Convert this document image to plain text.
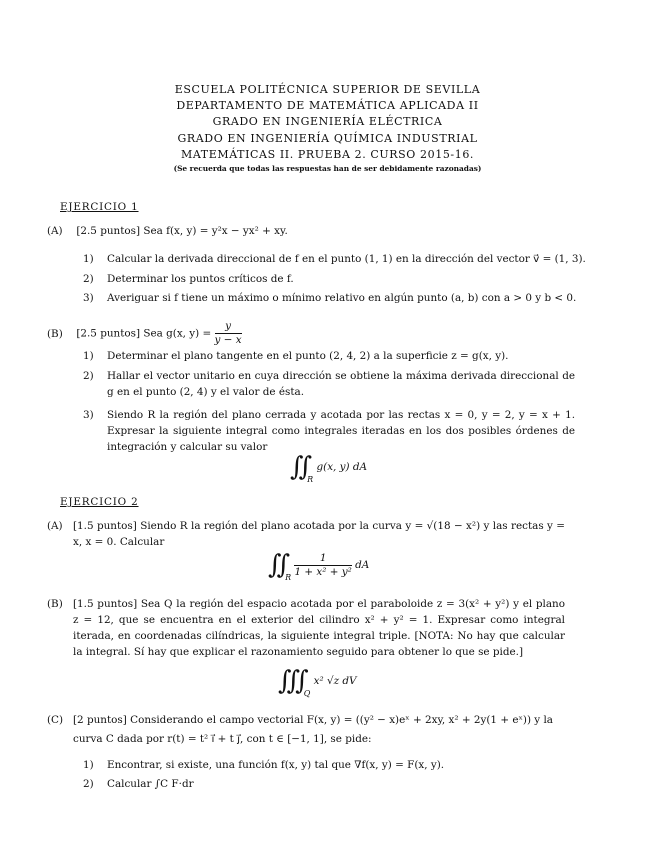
ESCUELA POLITÉCNICA SUPERIOR DE SEVILLA
DEPARTAMENTO DE MATEMÁTICA APLICADA II
GRADO EN INGENIERÍA ELÉCTRICA
GRADO EN INGENIERÍA QUÍMICA INDUSTRIAL
MATEMÁTICAS II. PRUEBA 2. CURSO 2015-16.
(Se recuerda que todas las respuestas han de ser debidamente razonadas)
EJERCICIO 1
(A) [2.5 puntos] Sea f(x, y) = y²x − yx² + xy.
1) Calcular la derivada direccional de f en el punto (1, 1) en la dirección del vector v⃗ = (1, 3).
2) Determinar los puntos críticos de f.
3) Averiguar si f tiene un máximo o mínimo relativo en algún punto (a, b) con a > 0 y b < 0.
(B) [2.5 puntos] Sea g(x, $y) = \frac{y}{y - x}$
1) Determinar el plano tangente en el punto (2, 4, 2) a la superficie z = g(x, y).
2) Hallar el vector unitario en cuya dirección se obtiene la máxima derivada direccional de g en el punto (2, 4) y el valor de ésta.
3) Siendo R la región del plano cerrada y acotada por las rectas x = 0, y = 2, y = x + 1. Expresar la siguiente integral como integrales iteradas en los dos posibles órdenes de integración y calcular su valor
∬ $_R$ g(x, y) dA
EJERCICIO 2
(A) [1.5 puntos] Siendo R la región del plano acotada por la curva y = √(18 − x²) y las rectas y = x, x = 0. Calcular
∬ $_R \frac{1}{\text{1 + x² + y²}}$ dA
(B) [1.5 puntos] Sea Q la región del espacio acotada por el paraboloide z = 3(x² + y²) y el plano z = 12, que se encuentra en el exterior del cilindro x² + y² = 1. Expresar como integral iterada, en coordenadas cilíndricas, la siguiente integral triple. [NOTA: No hay que calcular la integral. Sí hay que explicar el razonamiento seguido para obtener lo que se pide.]
∭ $_Q$ x² √z dV
(C) [2 puntos] Considerando el campo vectorial F(x, y) = ((y² − x)eˣ + 2xy, x² + 2y(1 + eˣ)) y la
curva C dada por r(t) = t² i⃗ + t j⃗, con t ∈ [−1, 1], se pide:
1) Encontrar, si existe, una función f(x, y) tal que ∇f(x, y) = F(x, y).
2) Calcular ∫C F·dr
